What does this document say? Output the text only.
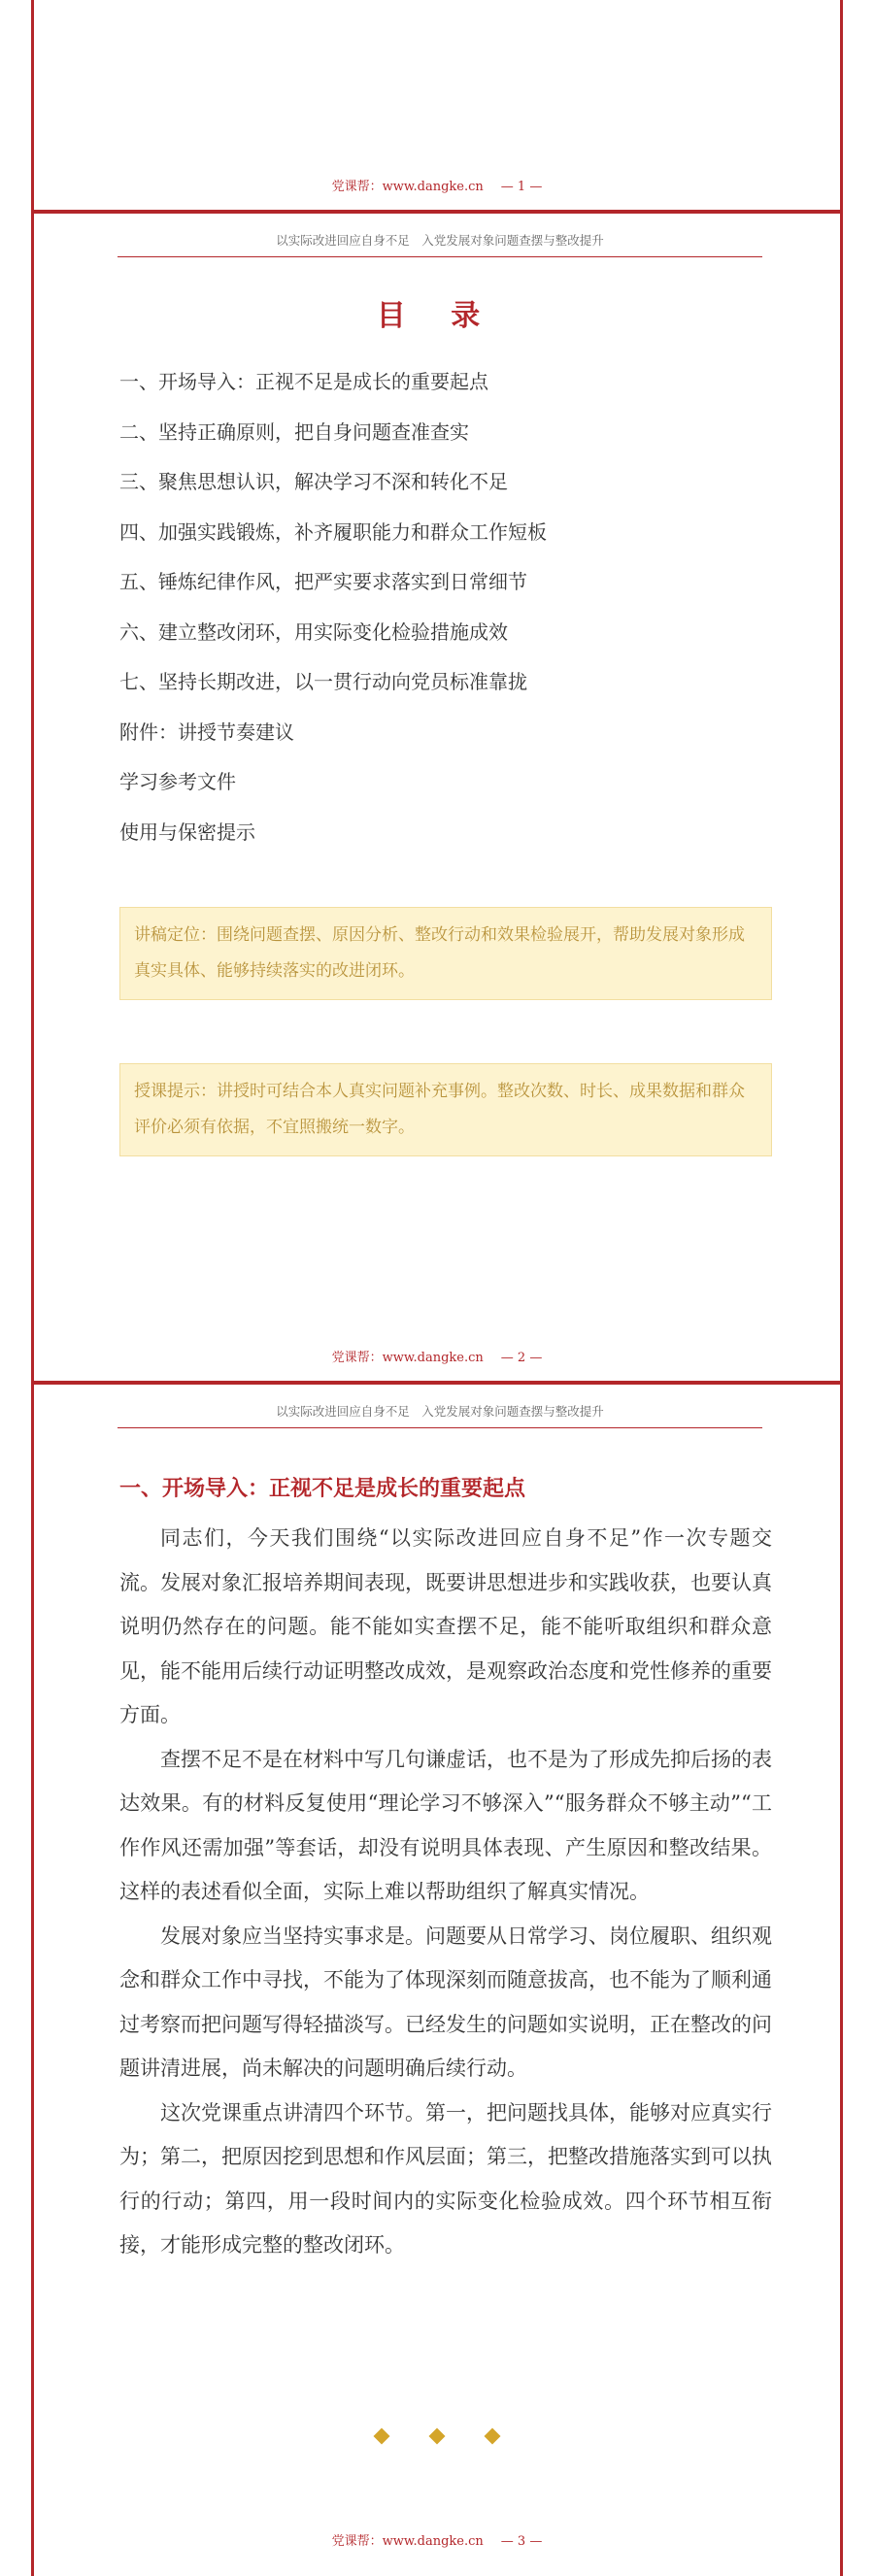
党课帮：www.dangke.cn — 1 —
以实际改进回应自身不足　入党发展对象问题查摆与整改提升
目 录
一、开场导入：正视不足是成长的重要起点
二、坚持正确原则，把自身问题查准查实
三、聚焦思想认识，解决学习不深和转化不足
四、加强实践锻炼，补齐履职能力和群众工作短板
五、锤炼纪律作风，把严实要求落实到日常细节
六、建立整改闭环，用实际变化检验措施成效
七、坚持长期改进，以一贯行动向党员标准靠拢
附件：讲授节奏建议
学习参考文件
使用与保密提示
讲稿定位：围绕问题查摆、原因分析、整改行动和效果检验展开，帮助发展对象形成真实具体、能够持续落实的改进闭环。
授课提示：讲授时可结合本人真实问题补充事例。整改次数、时长、成果数据和群众评价必须有依据，不宜照搬统一数字。
党课帮：www.dangke.cn — 2 —
以实际改进回应自身不足　入党发展对象问题查摆与整改提升
一、开场导入：正视不足是成长的重要起点

同志们，今天我们围绕“以实际改进回应自身不足”作一次专题交流。发展对象汇报培养期间表现，既要讲思想进步和实践收获，也要认真说明仍然存在的问题。能不能如实查摆不足，能不能听取组织和群众意见，能不能用后续行动证明整改成效，是观察政治态度和党性修养的重要方面。

查摆不足不是在材料中写几句谦虚话，也不是为了形成先抑后扬的表达效果。有的材料反复使用“理论学习不够深入”“服务群众不够主动”“工作作风还需加强”等套话，却没有说明具体表现、产生原因和整改结果。这样的表述看似全面，实际上难以帮助组织了解真实情况。

发展对象应当坚持实事求是。问题要从日常学习、岗位履职、组织观念和群众工作中寻找，不能为了体现深刻而随意拔高，也不能为了顺利通过考察而把问题写得轻描淡写。已经发生的问题如实说明，正在整改的问题讲清进展，尚未解决的问题明确后续行动。

这次党课重点讲清四个环节。第一，把问题找具体，能够对应真实行为；第二，把原因挖到思想和作风层面；第三，把整改措施落实到可以执行的行动；第四，用一段时间内的实际变化检验成效。四个环节相互衔接，才能形成完整的整改闭环。

党课帮：www.dangke.cn — 3 —
